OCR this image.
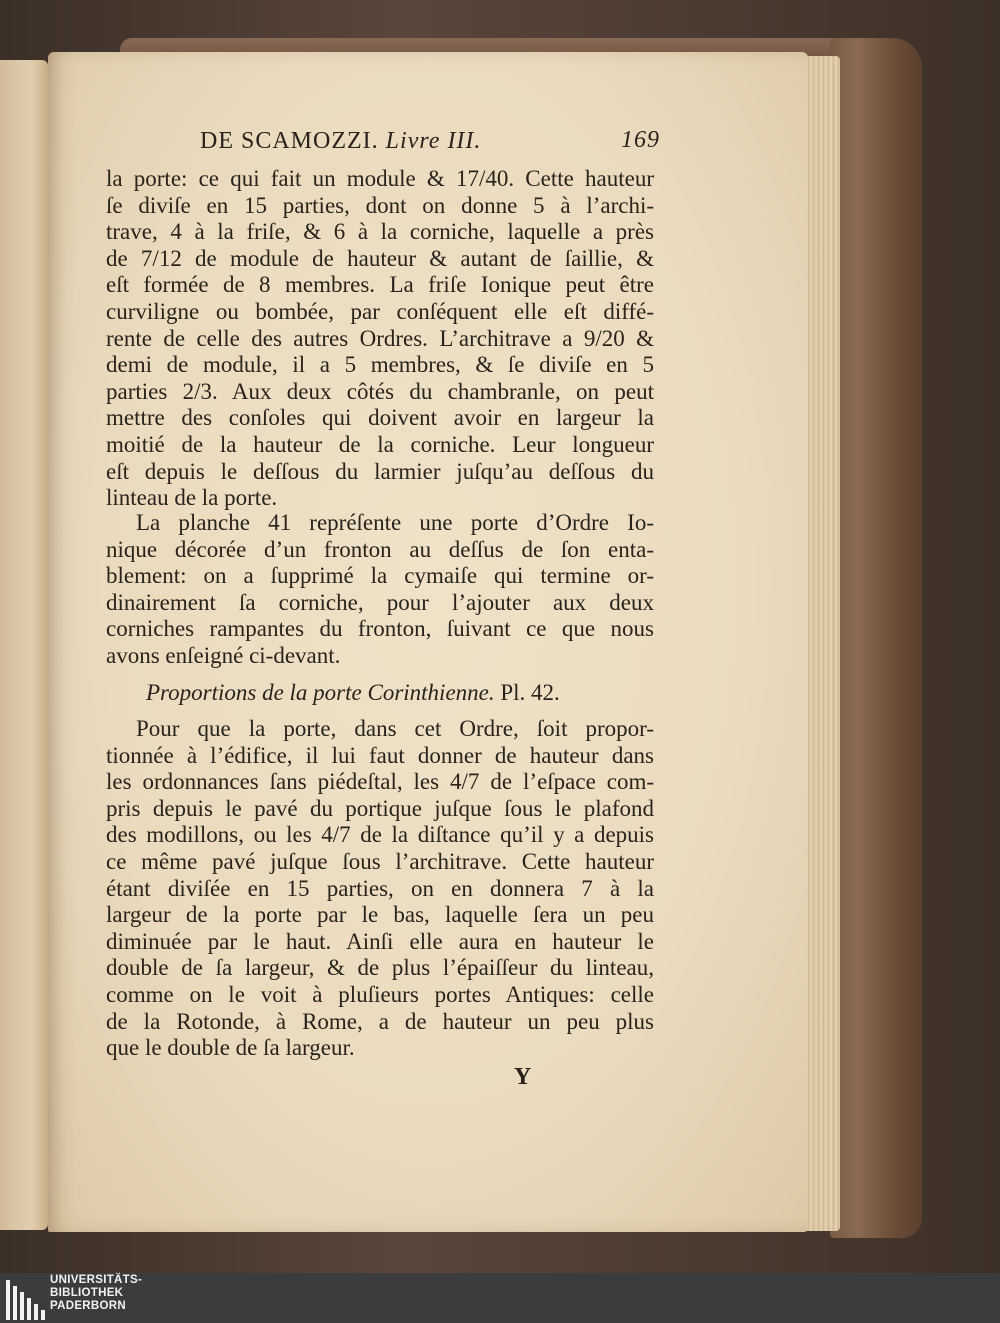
DE SCAMOZZI. Livre III.	169
la porte: ce qui fait un module & 17/40. Cette hauteur
ſe diviſe en 15 parties, dont on donne 5 à l’archi-
trave, 4 à la friſe, & 6 à la corniche, laquelle a près
de 7/12 de module de hauteur & autant de ſaillie, &
eſt formée de 8 membres. La friſe Ionique peut être
curviligne ou bombée, par conſéquent elle eſt diffé-
rente de celle des autres Ordres. L’architrave a 9/20 &
demi de module, il a 5 membres, & ſe diviſe en 5
parties 2/3. Aux deux côtés du chambranle, on peut
mettre des conſoles qui doivent avoir en largeur la
moitié de la hauteur de la corniche. Leur longueur
eſt depuis le deſſous du larmier juſqu’au deſſous du
linteau de la porte.
La planche 41 repréſente une porte d’Ordre Io-
nique décorée d’un fronton au deſſus de ſon enta-
blement: on a ſupprimé la cymaiſe qui termine or-
dinairement ſa corniche, pour l’ajouter aux deux
corniches rampantes du fronton, ſuivant ce que nous
avons enſeigné ci-devant.
Proportions de la porte Corinthienne. Pl. 42.
Pour que la porte, dans cet Ordre, ſoit propor-
tionnée à l’édifice, il lui faut donner de hauteur dans
les ordonnances ſans piédeſtal, les 4/7 de l’eſpace com-
pris depuis le pavé du portique juſque ſous le plafond
des modillons, ou les 4/7 de la diſtance qu’il y a depuis
ce même pavé juſque ſous l’architrave. Cette hauteur
étant diviſée en 15 parties, on en donnera 7 à la
largeur de la porte par le bas, laquelle ſera un peu
diminuée par le haut. Ainſi elle aura en hauteur le
double de ſa largeur, & de plus l’épaiſſeur du linteau,
comme on le voit à pluſieurs portes Antiques: celle
de la Rotonde, à Rome, a de hauteur un peu plus
que le double de ſa largeur.
Y
UNIVERSITÄTS-
BIBLIOTHEK
PADERBORN
